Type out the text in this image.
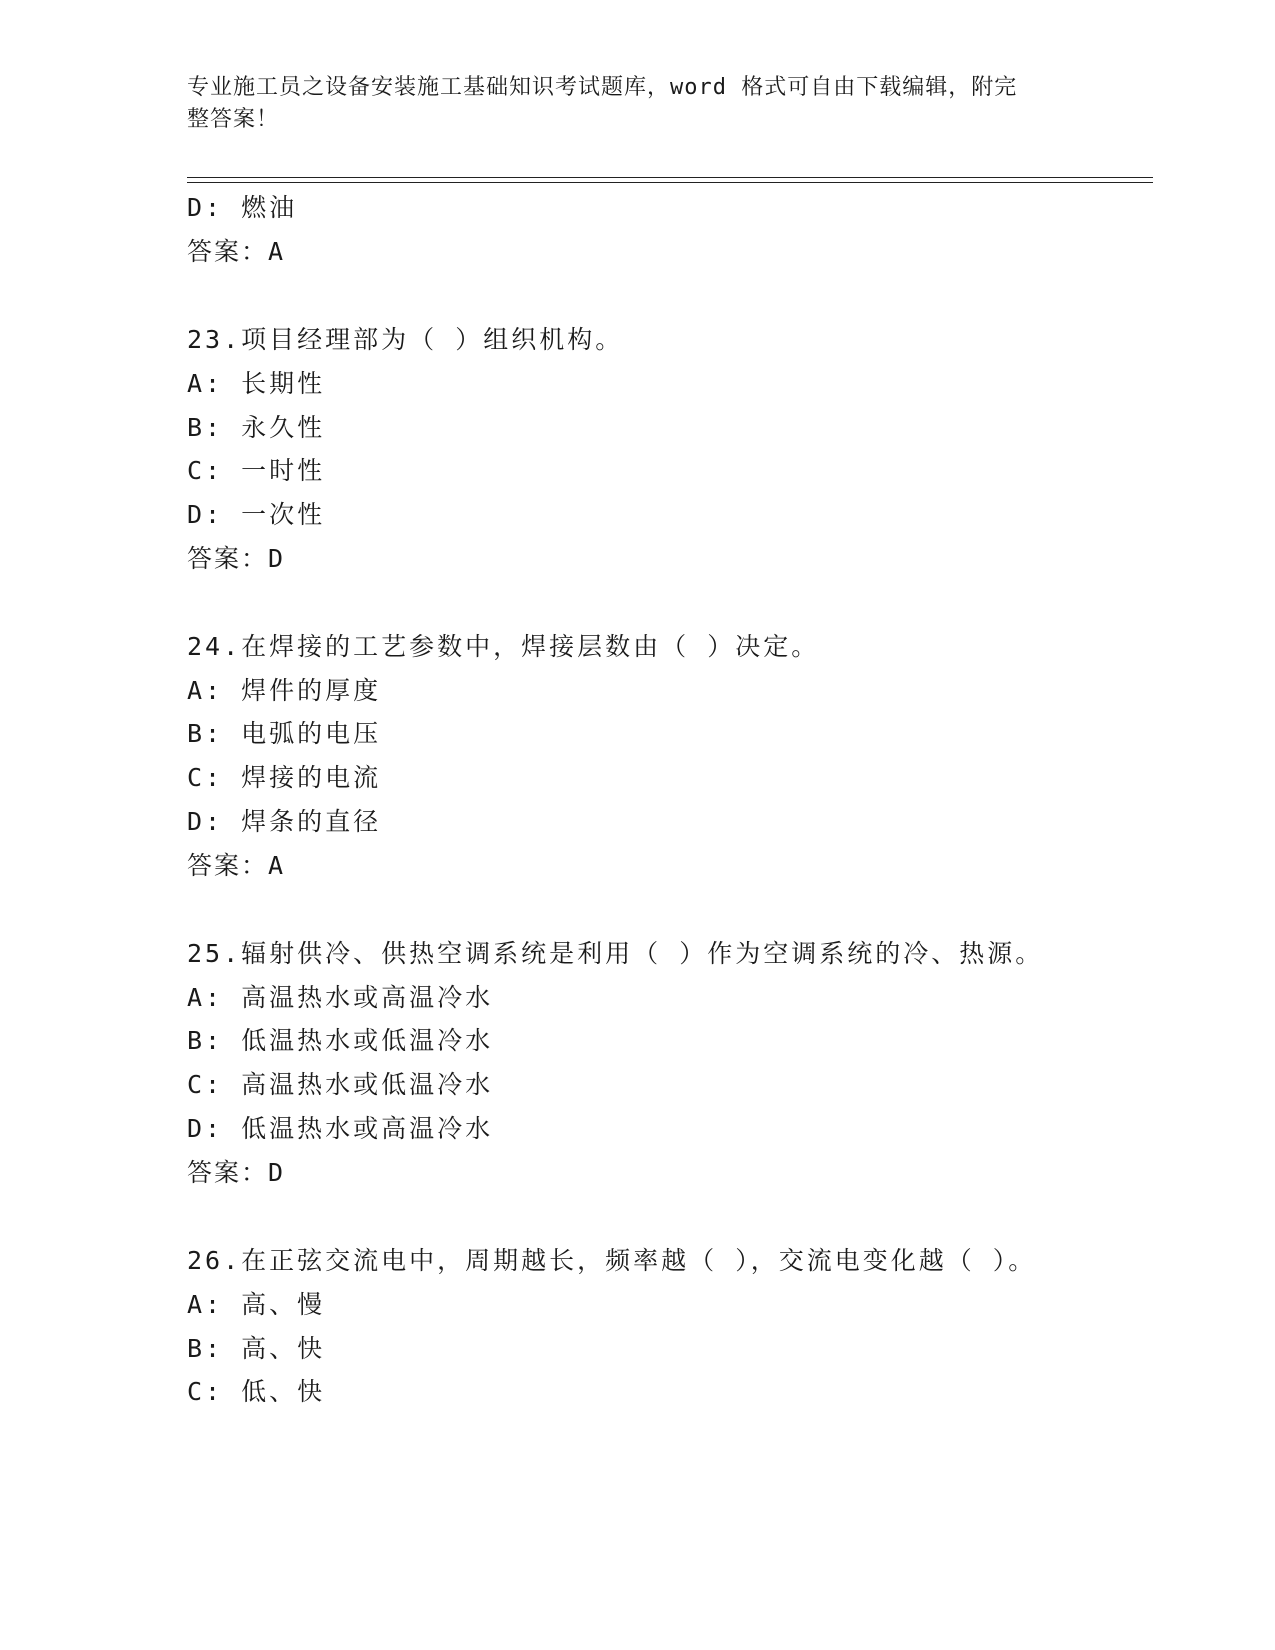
专业施工员之设备安装施工基础知识考试题库，word 格式可自由下载编辑，附完
整答案！
D: 燃油
答案：A
23.项目经理部为（ ）组织机构。
A: 长期性
B: 永久性
C: 一时性
D: 一次性
答案：D
24.在焊接的工艺参数中，焊接层数由（ ）决定。
A: 焊件的厚度
B: 电弧的电压
C: 焊接的电流
D: 焊条的直径
答案：A
25.辐射供冷、供热空调系统是利用（ ）作为空调系统的冷、热源。
A: 高温热水或高温冷水
B: 低温热水或低温冷水
C: 高温热水或低温冷水
D: 低温热水或高温冷水
答案：D
26.在正弦交流电中，周期越长，频率越（ ），交流电变化越（ ）。
A: 高、慢
B: 高、快
C: 低、快
